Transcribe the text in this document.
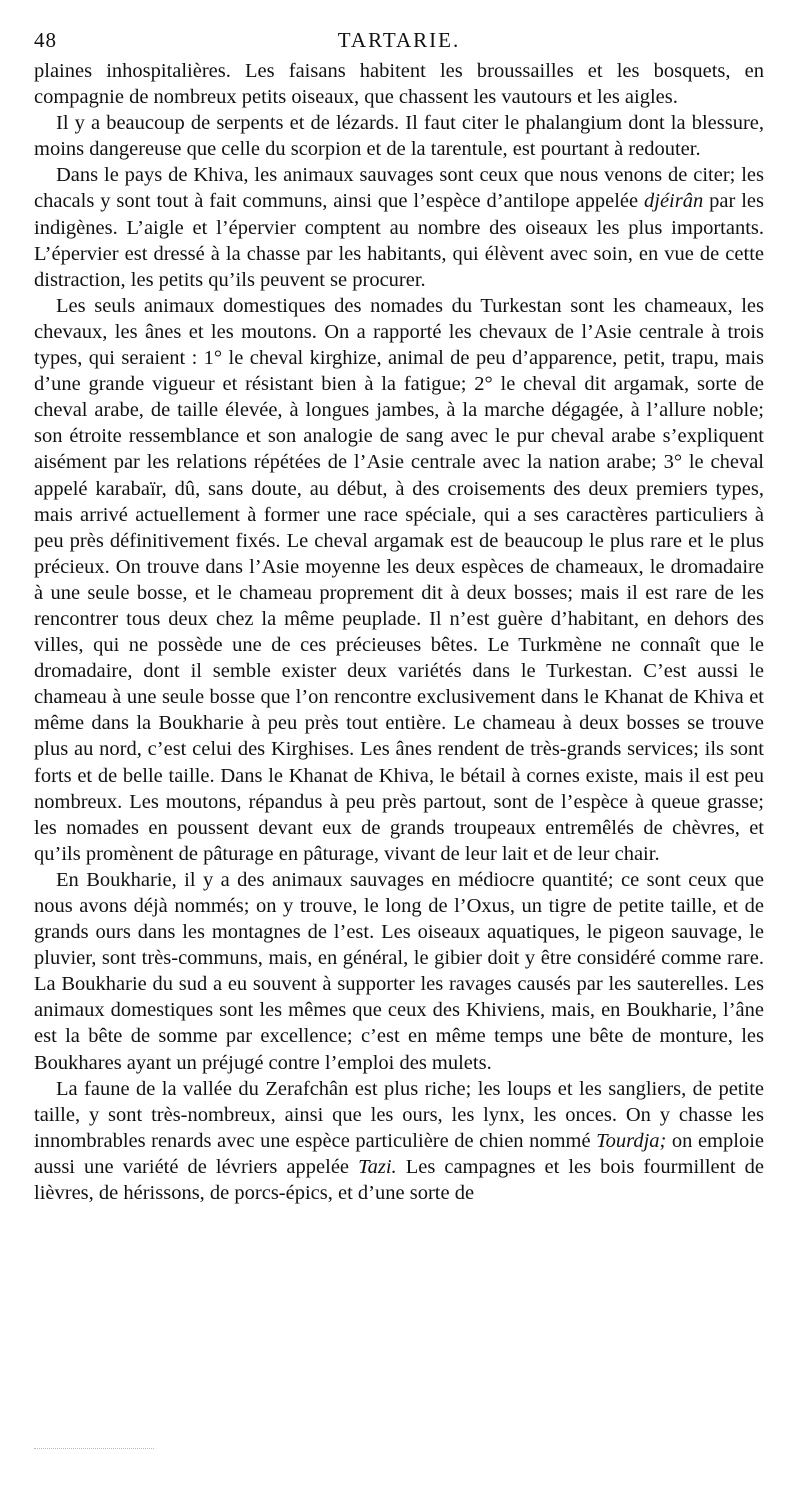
48	TARTARIE.

plaines inhospitalières. Les faisans habitent les broussailles et les bosquets, en compagnie de nombreux petits oiseaux, que chassent les vautours et les aigles.

Il y a beaucoup de serpents et de lézards. Il faut citer le phalangium dont la blessure, moins dangereuse que celle du scorpion et de la tarentule, est pourtant à redouter.

Dans le pays de Khiva, les animaux sauvages sont ceux que nous venons de citer; les chacals y sont tout à fait communs, ainsi que l’espèce d’antilope appelée djéirân par les indigènes. L’aigle et l’épervier comptent au nombre des oiseaux les plus importants. L’épervier est dressé à la chasse par les habitants, qui élèvent avec soin, en vue de cette distraction, les petits qu’ils peuvent se procurer.

Les seuls animaux domestiques des nomades du Turkestan sont les chameaux, les chevaux, les ânes et les moutons. On a rapporté les chevaux de l’Asie centrale à trois types, qui seraient : 1° le cheval kirghize, animal de peu d’apparence, petit, trapu, mais d’une grande vigueur et résistant bien à la fatigue; 2° le cheval dit argamak, sorte de cheval arabe, de taille élevée, à longues jambes, à la marche dégagée, à l’allure noble; son étroite ressemblance et son analogie de sang avec le pur cheval arabe s’expliquent aisément par les relations répétées de l’Asie centrale avec la nation arabe; 3° le cheval appelé karabaïr, dû, sans doute, au début, à des croisements des deux premiers types, mais arrivé actuellement à former une race spéciale, qui a ses caractères particuliers à peu près définitivement fixés. Le cheval argamak est de beaucoup le plus rare et le plus précieux. On trouve dans l’Asie moyenne les deux espèces de chameaux, le dromadaire à une seule bosse, et le chameau proprement dit à deux bosses; mais il est rare de les rencontrer tous deux chez la même peuplade. Il n’est guère d’habitant, en dehors des villes, qui ne possède une de ces précieuses bêtes. Le Turkmène ne connaît que le dromadaire, dont il semble exister deux variétés dans le Turkestan. C’est aussi le chameau à une seule bosse que l’on rencontre exclusivement dans le Khanat de Khiva et même dans la Boukharie à peu près tout entière. Le chameau à deux bosses se trouve plus au nord, c’est celui des Kirghises. Les ânes rendent de très-grands services; ils sont forts et de belle taille. Dans le Khanat de Khiva, le bétail à cornes existe, mais il est peu nombreux. Les moutons, répandus à peu près partout, sont de l’espèce à queue grasse; les nomades en poussent devant eux de grands troupeaux entremêlés de chèvres, et qu’ils promènent de pâturage en pâturage, vivant de leur lait et de leur chair.

En Boukharie, il y a des animaux sauvages en médiocre quantité; ce sont ceux que nous avons déjà nommés; on y trouve, le long de l’Oxus, un tigre de petite taille, et de grands ours dans les montagnes de l’est. Les oiseaux aquatiques, le pigeon sauvage, le pluvier, sont très-communs, mais, en général, le gibier doit y être considéré comme rare. La Boukharie du sud a eu souvent à supporter les ravages causés par les sauterelles. Les animaux domestiques sont les mêmes que ceux des Khiviens, mais, en Boukharie, l’âne est la bête de somme par excellence; c’est en même temps une bête de monture, les Boukhares ayant un préjugé contre l’emploi des mulets.

La faune de la vallée du Zerafchân est plus riche; les loups et les sangliers, de petite taille, y sont très-nombreux, ainsi que les ours, les lynx, les onces. On y chasse les innombrables renards avec une espèce particulière de chien nommé Tourdja; on emploie aussi une variété de lévriers appelée Tazi. Les campagnes et les bois fourmillent de lièvres, de hérissons, de porcs-épics, et d’une sorte de
